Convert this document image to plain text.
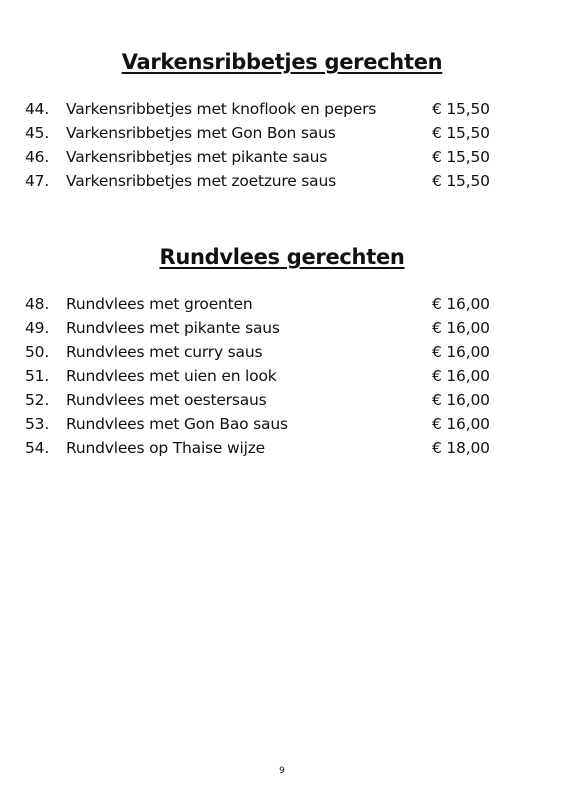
Varkensribbetjes gerechten
44. Varkensribbetjes met knoflook en pepers	€ 15,50
45. Varkensribbetjes met Gon Bon saus	€ 15,50
46. Varkensribbetjes met pikante saus	€ 15,50
47. Varkensribbetjes met zoetzure saus	€ 15,50
Rundvlees gerechten
48. Rundvlees met groenten	€ 16,00
49. Rundvlees met pikante saus	€ 16,00
50. Rundvlees met curry saus	€ 16,00
51. Rundvlees met uien en look	€ 16,00
52. Rundvlees met oestersaus	€ 16,00
53. Rundvlees met Gon Bao saus	€ 16,00
54. Rundvlees op Thaise wijze	€ 18,00
9
